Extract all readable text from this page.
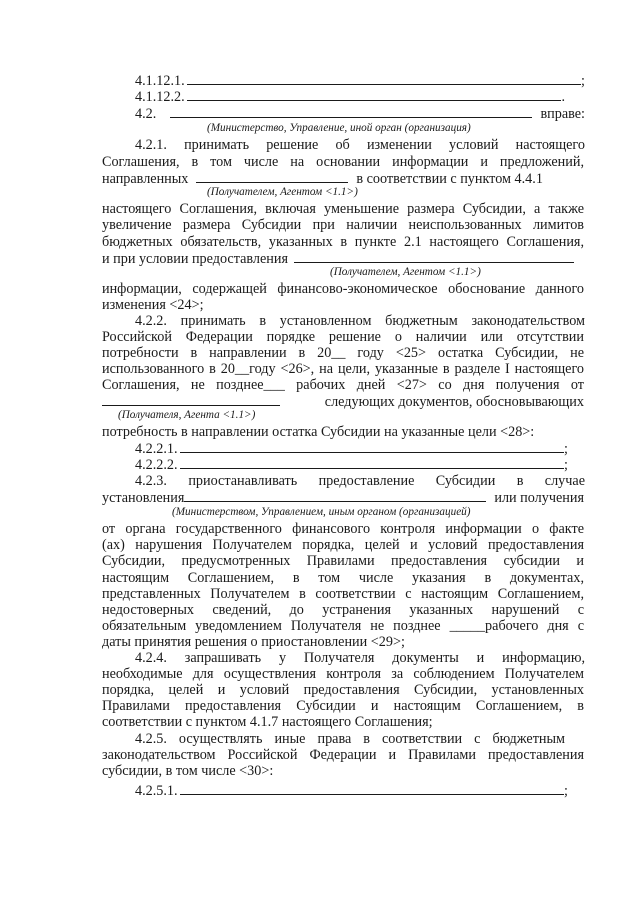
4.1.12.1.	;
4.1.12.2.	.
4.2.	вправе:
(Министерство, Управление, иной орган (организация)
4.2.1. принимать решение об изменении условий настоящего
Соглашения, в том числе на основании информации и предложений,
направленных	в соответствии с пунктом 4.4.1
(Получателем, Агентом <1.1>)
настоящего Соглашения, включая уменьшение размера Субсидии, а также
увеличение размера Субсидии при наличии неиспользованных лимитов
бюджетных обязательств, указанных в пункте 2.1 настоящего Соглашения,
и при условии предоставления
(Получателем, Агентом <1.1>)
информации, содержащей финансово-экономическое обоснование данного
изменения <24>;
4.2.2. принимать в установленном бюджетным законодательством
Российской Федерации порядке решение о наличии или отсутствии
потребности в направлении в 20__ году <25> остатка Субсидии, не
использованного в 20__году <26>, на цели, указанные в разделе I настоящего
Соглашения, не позднее___ рабочих дней <27> со дня получения от
следующих документов, обосновывающих
(Получателя, Агента <1.1>)
потребность в направлении остатка Субсидии на указанные цели <28>:
4.2.2.1.	;
4.2.2.2.	;
4.2.3. приостанавливать предоставление Субсидии в случае
установления	или получения
(Министерством, Управлением, иным органом (организацией)
от органа государственного финансового контроля информации о факте
(ах) нарушения Получателем порядка, целей и условий предоставления
Субсидии, предусмотренных Правилами предоставления субсидии и
настоящим Соглашением, в том числе указания в документах,
представленных Получателем в соответствии с настоящим Соглашением,
недостоверных сведений, до устранения указанных нарушений с
обязательным уведомлением Получателя не позднее _____рабочего дня с
даты принятия решения о приостановлении <29>;
4.2.4. запрашивать у Получателя документы и информацию,
необходимые для осуществления контроля за соблюдением Получателем
порядка, целей и условий предоставления Субсидии, установленных
Правилами предоставления Субсидии и настоящим Соглашением, в
соответствии с пунктом 4.1.7 настоящего Соглашения;
4.2.5. осуществлять иные права в соответствии с бюджетным
законодательством Российской Федерации и Правилами предоставления
субсидии, в том числе <30>:
4.2.5.1.	;
